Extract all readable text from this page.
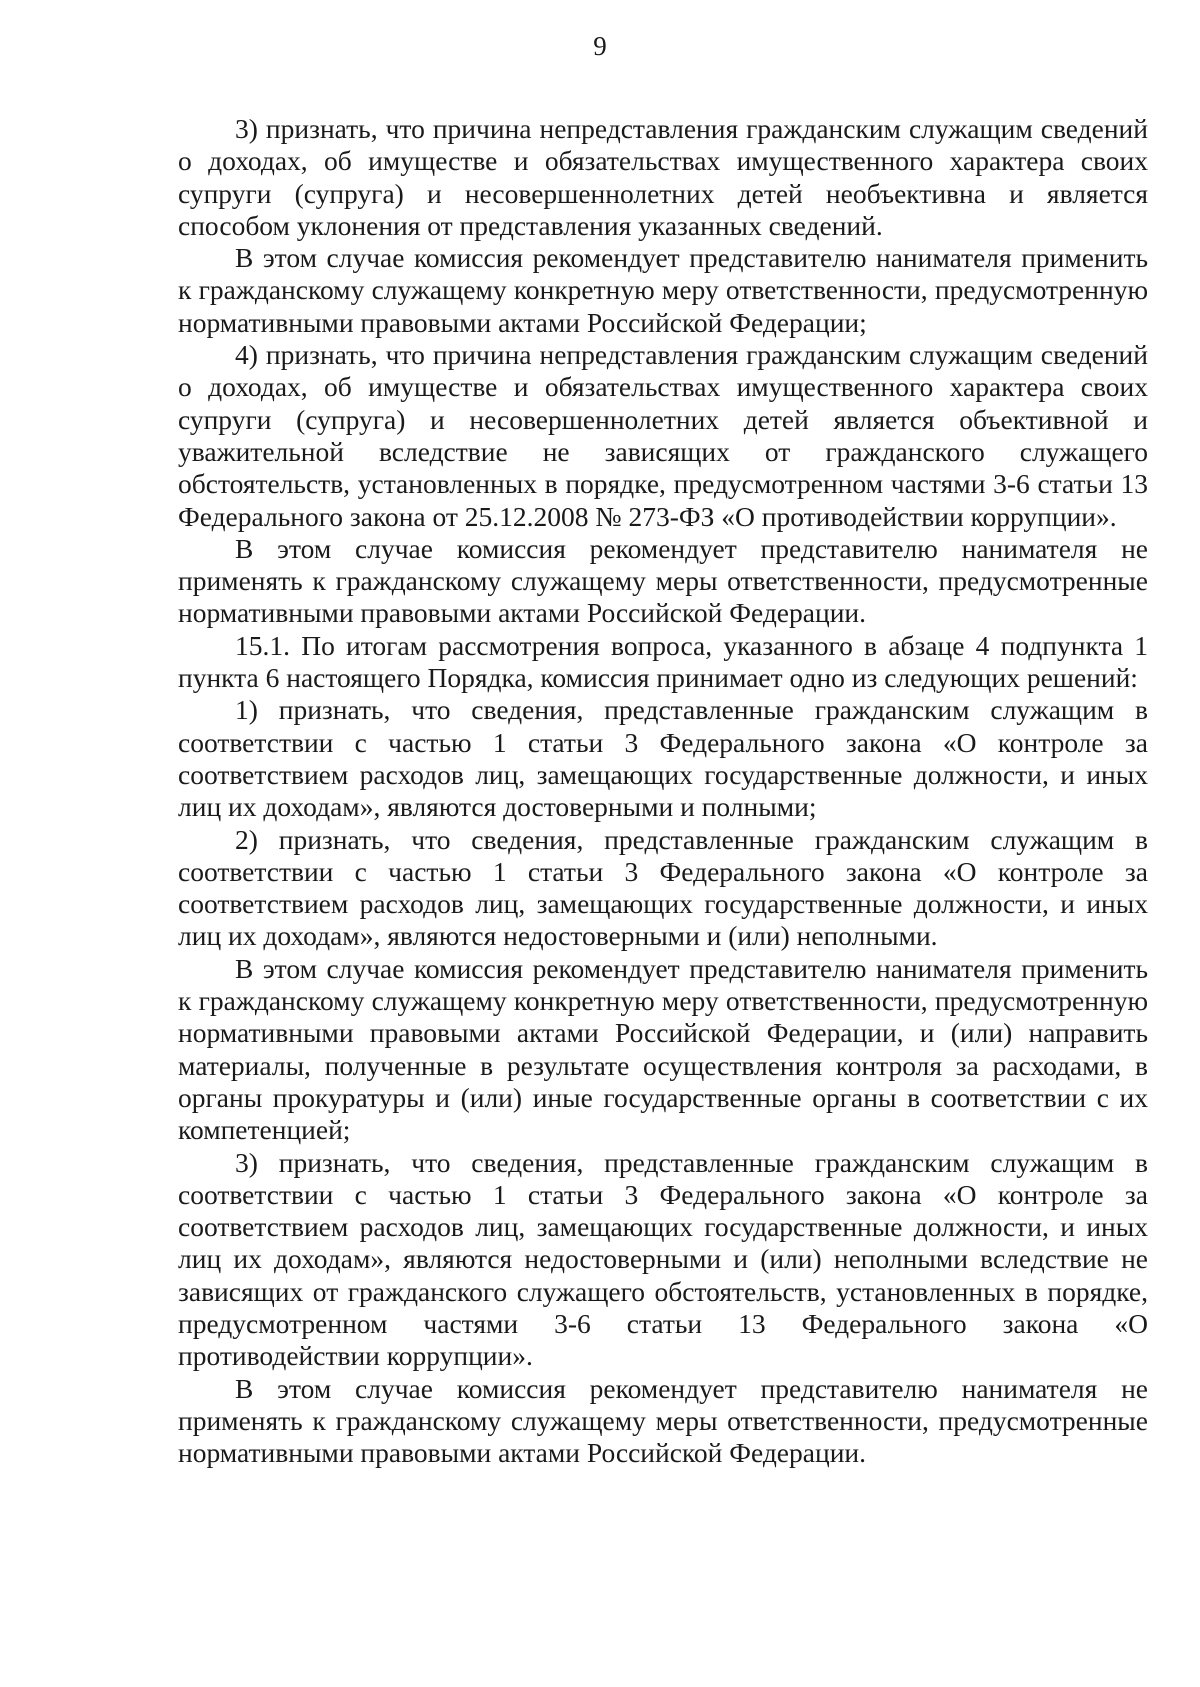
9

3) признать, что причина непредставления гражданским служащим сведений о доходах, об имуществе и обязательствах имущественного характера своих супруги (супруга) и несовершеннолетних детей необъективна и является способом уклонения от представления указанных сведений.

В этом случае комиссия рекомендует представителю нанимателя применить к гражданскому служащему конкретную меру ответственности, предусмотренную нормативными правовыми актами Российской Федерации;

4) признать, что причина непредставления гражданским служащим сведений о доходах, об имуществе и обязательствах имущественного характера своих супруги (супруга) и несовершеннолетних детей является объективной и уважительной вследствие не зависящих от гражданского служащего обстоятельств, установленных в порядке, предусмотренном частями 3-6 статьи 13 Федерального закона от 25.12.2008 № 273-ФЗ «О противодействии коррупции».

В этом случае комиссия рекомендует представителю нанимателя не применять к гражданскому служащему меры ответственности, предусмотренные нормативными правовыми актами Российской Федерации.

15.1. По итогам рассмотрения вопроса, указанного в абзаце 4 подпункта 1 пункта 6 настоящего Порядка, комиссия принимает одно из следующих решений:

1) признать, что сведения, представленные гражданским служащим в соответствии с частью 1 статьи 3 Федерального закона «О контроле за соответствием расходов лиц, замещающих государственные должности, и иных лиц их доходам», являются достоверными и полными;

2) признать, что сведения, представленные гражданским служащим в соответствии с частью 1 статьи 3 Федерального закона «О контроле за соответствием расходов лиц, замещающих государственные должности, и иных лиц их доходам», являются недостоверными и (или) неполными.

В этом случае комиссия рекомендует представителю нанимателя применить к гражданскому служащему конкретную меру ответственности, предусмотренную нормативными правовыми актами Российской Федерации, и (или) направить материалы, полученные в результате осуществления контроля за расходами, в органы прокуратуры и (или) иные государственные органы в соответствии с их компетенцией;

3) признать, что сведения, представленные гражданским служащим в соответствии с частью 1 статьи 3 Федерального закона «О контроле за соответствием расходов лиц, замещающих государственные должности, и иных лиц их доходам», являются недостоверными и (или) неполными вследствие не зависящих от гражданского служащего обстоятельств, установленных в порядке, предусмотренном частями 3-6 статьи 13 Федерального закона «О противодействии коррупции».

В этом случае комиссия рекомендует представителю нанимателя не применять к гражданскому служащему меры ответственности, предусмотренные нормативными правовыми актами Российской Федерации.
